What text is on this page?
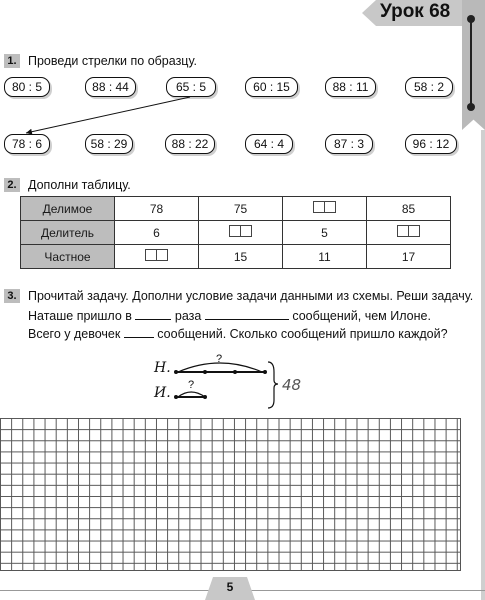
Урок 68
1. Проведи стрелки по образцу.
80 : 5	88 : 44	65 : 5	60 : 15	88 : 11	58 : 2
78 : 6	58 : 29	88 : 22	64 : 4	87 : 3	96 : 12
2. Дополни таблицу.
Делимое	78	75		85
Делитель	6		5	

Частное		15	11	17
3. Прочитай задачу. Дополни условие задачи данными из схемы. Реши задачу.
Наташе пришло в	раза	сообщений, чем Илоне.
Всего у девочек	сообщений. Сколько сообщений пришло каждой?
Н.
И.
?
?	48
5
